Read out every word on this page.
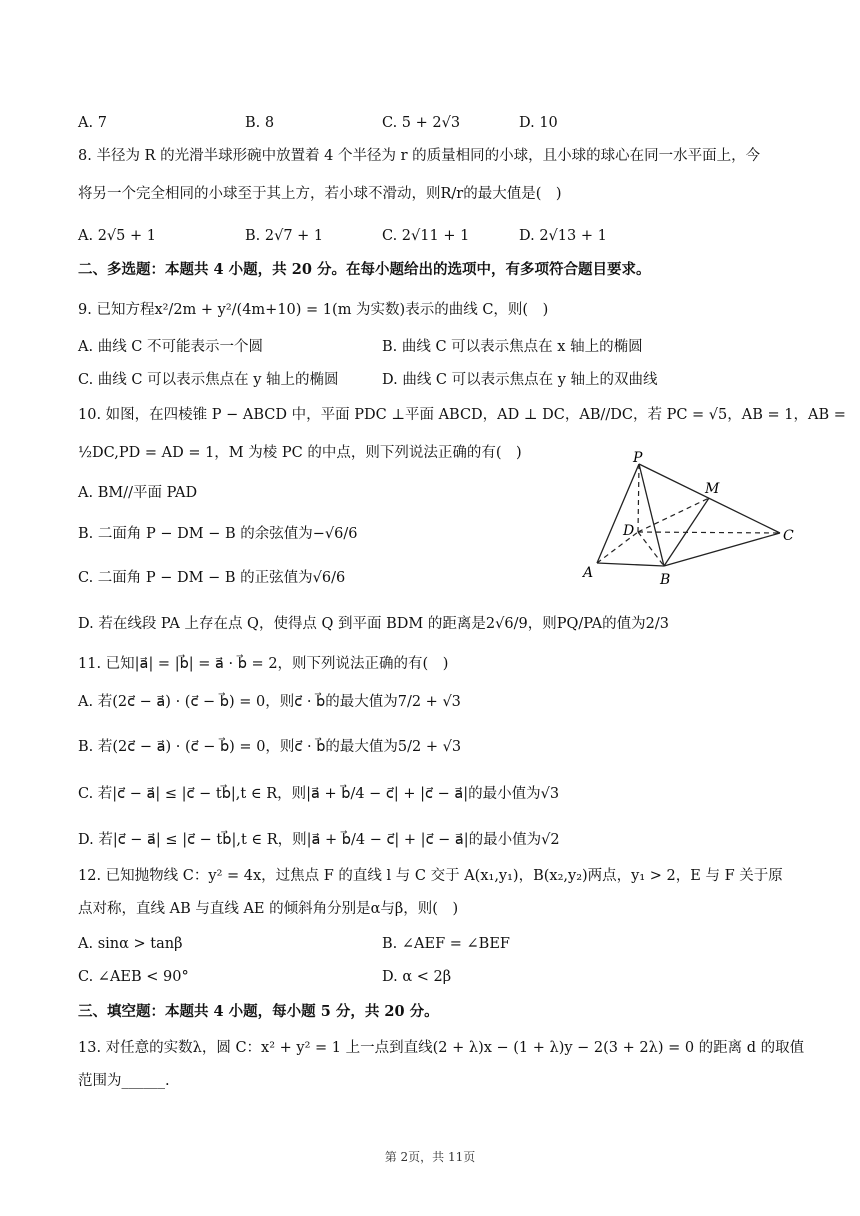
A. 7	B. 8	C. 5 + 2√3	D. 10
8. 半径为 R 的光滑半球形碗中放置着 4 个半径为 r 的质量相同的小球，且小球的球心在同一水平面上，今
将另一个完全相同的小球至于其上方，若小球不滑动，则R/r的最大值是(　)
A. 2√5 + 1	B. 2√7 + 1	C. 2√11 + 1	D. 2√13 + 1
二、多选题：本题共 4 小题，共 20 分。在每小题给出的选项中，有多项符合题目要求。
9. 已知方程x²/2m + y²/(4m+10) = 1(m 为实数)表示的曲线 C，则(　)
A. 曲线 C 不可能表示一个圆	B. 曲线 C 可以表示焦点在 x 轴上的椭圆
C. 曲线 C 可以表示焦点在 y 轴上的椭圆	D. 曲线 C 可以表示焦点在 y 轴上的双曲线
10. 如图，在四棱锥 P − ABCD 中，平面 PDC ⊥平面 ABCD，AD ⊥ DC，AB//DC，若 PC = √5，AB = 1，AB =
½DC,PD = AD = 1，M 为棱 PC 的中点，则下列说法正确的有(　)
A. BM//平面 PAD
B. 二面角 P − DM − B 的余弦值为−√6/6
C. 二面角 P − DM − B 的正弦值为√6/6
D. 若在线段 PA 上存在点 Q，使得点 Q 到平面 BDM 的距离是2√6/9，则PQ/PA的值为2/3
P
M
D	C
A	B
11. 已知|a⃗| = |b⃗| = a⃗ · b⃗ = 2，则下列说法正确的有(　)
A. 若(2c⃗ − a⃗) · (c⃗ − b⃗) = 0，则c⃗ · b⃗的最大值为7/2 + √3
B. 若(2c⃗ − a⃗) · (c⃗ − b⃗) = 0，则c⃗ · b⃗的最大值为5/2 + √3
C. 若|c⃗ − a⃗| ≤ |c⃗ − tb⃗|,t ∈ R，则|a⃗ + b⃗/4 − c⃗| + |c⃗ − a⃗|的最小值为√3
D. 若|c⃗ − a⃗| ≤ |c⃗ − tb⃗|,t ∈ R，则|a⃗ + b⃗/4 − c⃗| + |c⃗ − a⃗|的最小值为√2
12. 已知抛物线 C：y² = 4x，过焦点 F 的直线 l 与 C 交于 A(x₁,y₁)，B(x₂,y₂)两点，y₁ > 2，E 与 F 关于原
点对称，直线 AB 与直线 AE 的倾斜角分别是α与β，则(　)
A. sinα > tanβ	B. ∠AEF = ∠BEF
C. ∠AEB < 90°	D. α < 2β
三、填空题：本题共 4 小题，每小题 5 分，共 20 分。
13. 对任意的实数λ，圆 C：x² + y² = 1 上一点到直线(2 + λ)x − (1 + λ)y − 2(3 + 2λ) = 0 的距离 d 的取值
范围为______.
第 2页，共 11页
